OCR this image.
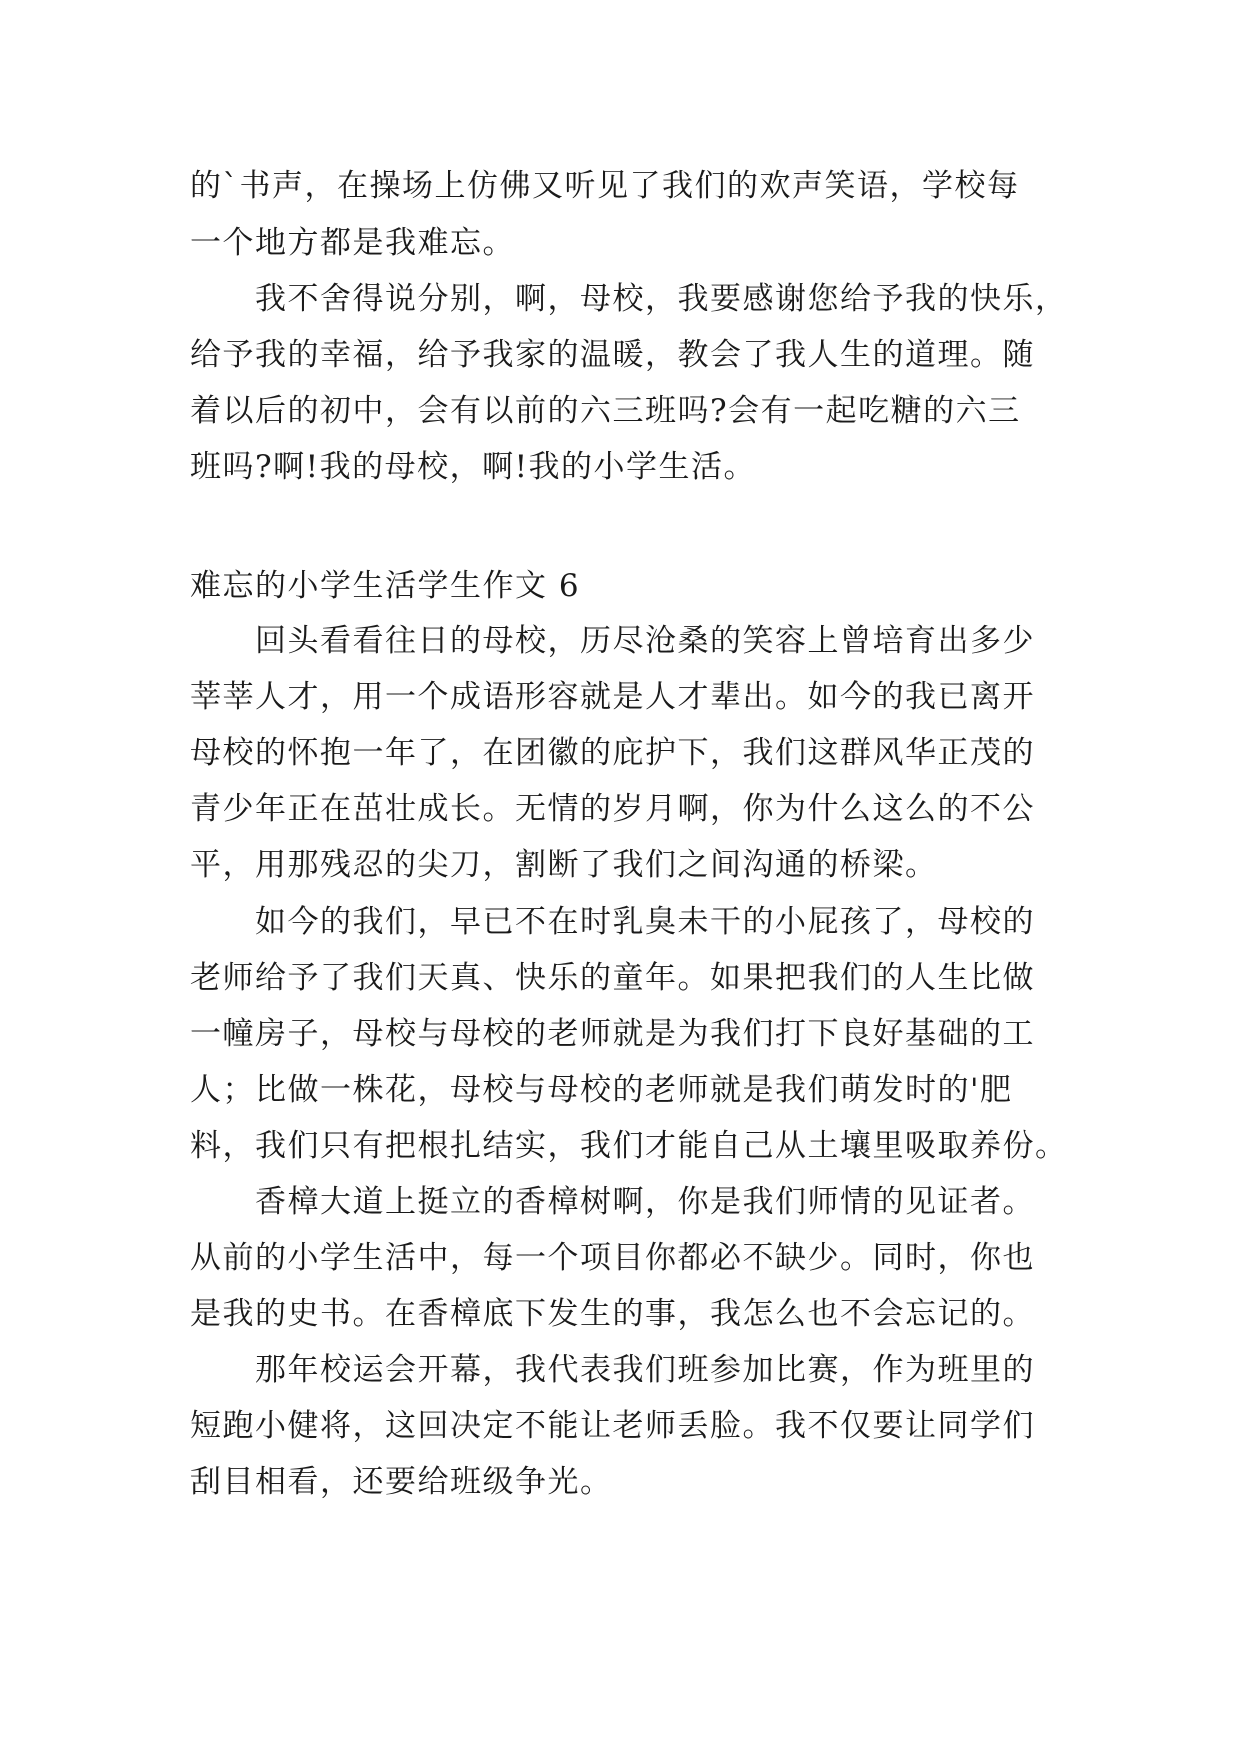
的`书声，在操场上仿佛又听见了我们的欢声笑语，学校每
一个地方都是我难忘。
我不舍得说分别，啊，母校，我要感谢您给予我的快乐，
给予我的幸福，给予我家的温暖，教会了我人生的道理。随
着以后的初中，会有以前的六三班吗?会有一起吃糖的六三
班吗?啊!我的母校，啊!我的小学生活。
难忘的小学生活学生作文 6
回头看看往日的母校，历尽沧桑的笑容上曾培育出多少
莘莘人才，用一个成语形容就是人才辈出。如今的我已离开
母校的怀抱一年了，在团徽的庇护下，我们这群风华正茂的
青少年正在茁壮成长。无情的岁月啊，你为什么这么的不公
平，用那残忍的尖刀，割断了我们之间沟通的桥梁。
如今的我们，早已不在时乳臭未干的小屁孩了，母校的
老师给予了我们天真、快乐的童年。如果把我们的人生比做
一幢房子，母校与母校的老师就是为我们打下良好基础的工
人；比做一株花，母校与母校的老师就是我们萌发时的'肥
料，我们只有把根扎结实，我们才能自己从土壤里吸取养份。
香樟大道上挺立的香樟树啊，你是我们师情的见证者。
从前的小学生活中，每一个项目你都必不缺少。同时，你也
是我的史书。在香樟底下发生的事，我怎么也不会忘记的。
那年校运会开幕，我代表我们班参加比赛，作为班里的
短跑小健将，这回决定不能让老师丢脸。我不仅要让同学们
刮目相看，还要给班级争光。
